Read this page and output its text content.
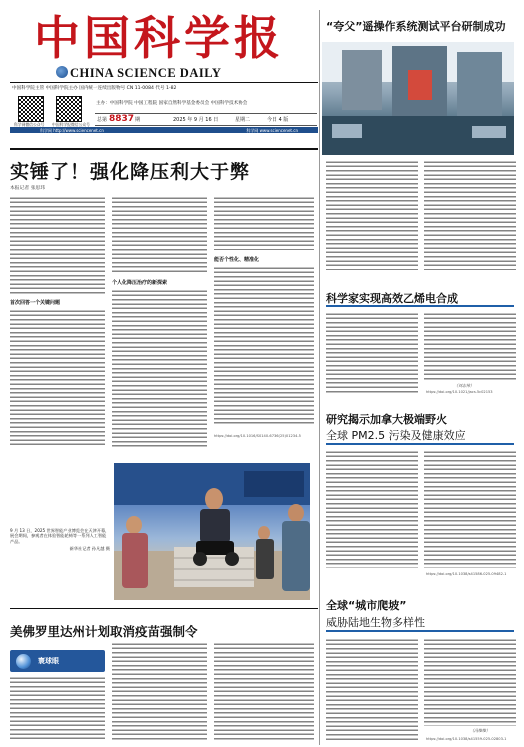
中国科学报
CHINA SCIENCE DAILY
中国科学院主管 中国科学院主办 国内统一连续出版物号 CN 11-0084 代号 1-82
科学网微信公众号 中国科学报微信公众号
主办：中国科学院 中国工程院 国家自然科学基金委员会 中国科学技术协会
总第 8837 期	2025 年 9 月 16 日	星期二	今日 4 版
科学网 http://www.sciencenet.cn	科学网 www.sciencenet.cn
实锤了！强化降压利大于弊
本报记者 张思玮
首次回答一个关键问题
个人化降压治疗的新探索
能否个性化、精准化
https://doi.org/10.1016/S0140-6736(25)01234-5
9 月 13 日，2025 世界智能产业博览会在天津开幕，展会期间，参观者在体验智能轮椅等一系列人工智能产品。
新华社记者 孙凡越 摄
美佛罗里达州计划取消疫苗强制令
寰球眼
“夸父”遥操作系统测试平台研制成功
科学家实现高效乙烯电合成
（刘志伟）
https://doi.org/10.1021/jacs.5c02153
研究揭示加拿大极端野火
全球 PM2.5 污染及健康效应
https://doi.org/10.1038/s41586-025-09482-1
全球“城市爬坡”
威胁陆地生物多样性
（冯维维）
https://doi.org/10.1038/s41559-025-02803-1
